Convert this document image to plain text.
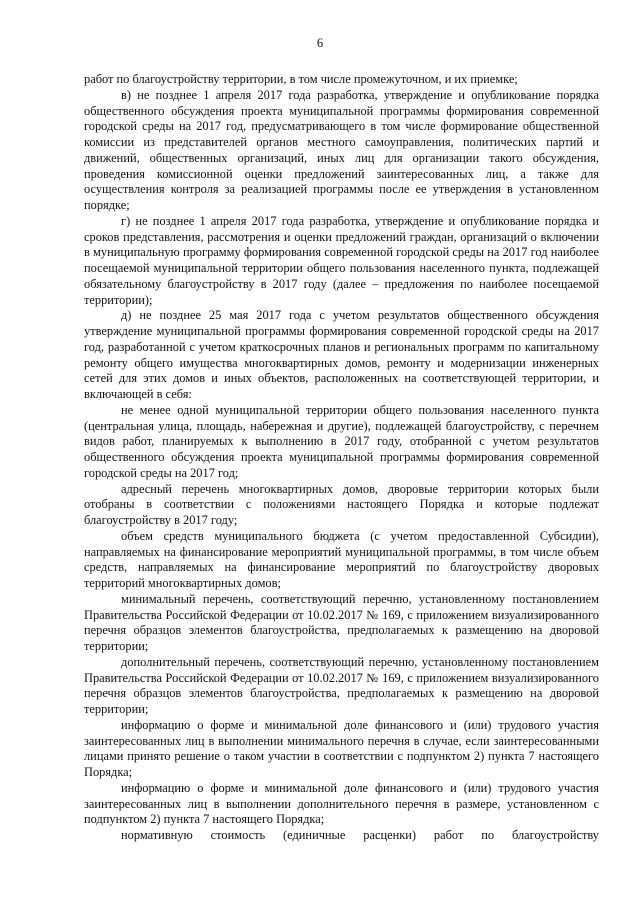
6

работ по благоустройству территории, в том числе промежуточном, и их приемке;

в) не позднее 1 апреля 2017 года разработка, утверждение и опубликование порядка общественного обсуждения проекта муниципальной программы формирования современной городской среды на 2017 год, предусматривающего в том числе формирование общественной комиссии из представителей органов местного самоуправления, политических партий и движений, общественных организаций, иных лиц для организации такого обсуждения, проведения комиссионной оценки предложений заинтересованных лиц, а также для осуществления контроля за реализацией программы после ее утверждения в установленном порядке;

г) не позднее 1 апреля 2017 года разработка, утверждение и опубликование порядка и сроков представления, рассмотрения и оценки предложений граждан, организаций о включении в муниципальную программу формирования современной городской среды на 2017 год наиболее посещаемой муниципальной территории общего пользования населенного пункта, подлежащей обязательному благоустройству в 2017 году (далее – предложения по наиболее посещаемой территории);

д) не позднее 25 мая 2017 года с учетом результатов общественного обсуждения утверждение муниципальной программы формирования современной городской среды на 2017 год, разработанной с учетом краткосрочных планов и региональных программ по капитальному ремонту общего имущества многоквартирных домов, ремонту и модернизации инженерных сетей для этих домов и иных объектов, расположенных на соответствующей территории, и включающей в себя:

не менее одной муниципальной территории общего пользования населенного пункта (центральная улица, площадь, набережная и другие), подлежащей благоустройству, с перечнем видов работ, планируемых к выполнению в 2017 году, отобранной с учетом результатов общественного обсуждения проекта муниципальной программы формирования современной городской среды на 2017 год;

адресный перечень многоквартирных домов, дворовые территории которых были отобраны в соответствии с положениями настоящего Порядка и которые подлежат благоустройству в 2017 году;

объем средств муниципального бюджета (с учетом предоставленной Субсидии), направляемых на финансирование мероприятий муниципальной программы, в том числе объем средств, направляемых на финансирование мероприятий по благоустройству дворовых территорий многоквартирных домов;

минимальный перечень, соответствующий перечню, установленному постановлением Правительства Российской Федерации от 10.02.2017 № 169, с приложением визуализированного перечня образцов элементов благоустройства, предполагаемых к размещению на дворовой территории;

дополнительный перечень, соответствующий перечню, установленному постановлением Правительства Российской Федерации от 10.02.2017 № 169, с приложением визуализированного перечня образцов элементов благоустройства, предполагаемых к размещению на дворовой территории;

информацию о форме и минимальной доле финансового и (или) трудового участия заинтересованных лиц в выполнении минимального перечня в случае, если заинтересованными лицами принято решение о таком участии в соответствии с подпунктом 2) пункта 7 настоящего Порядка;

информацию о форме и минимальной доле финансового и (или) трудового участия заинтересованных лиц в выполнении дополнительного перечня в размере, установленном с подпунктом 2) пункта 7 настоящего Порядка;

нормативную стоимость (единичные расценки) работ по благоустройству
